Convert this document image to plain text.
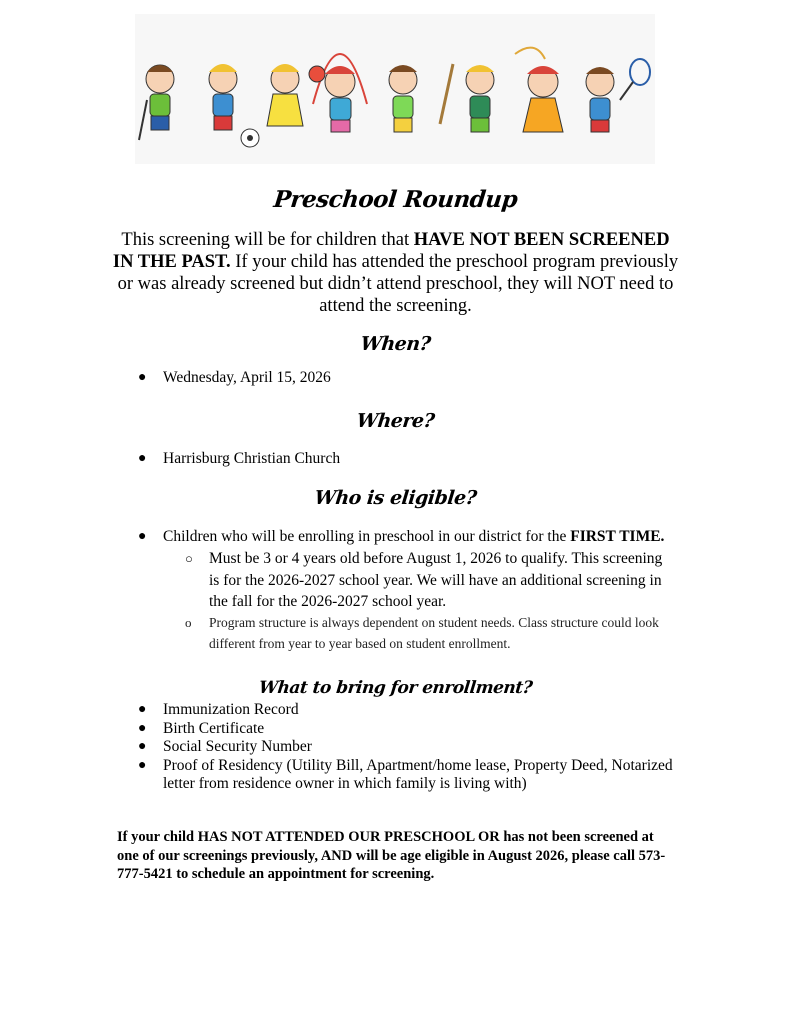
Preschool Roundup
This screening will be for children that HAVE NOT BEEN SCREENED IN THE PAST. If your child has attended the preschool program previously or was already screened but didn’t attend preschool, they will NOT need to attend the screening.
When?
● Wednesday, April 15, 2026
Where?
● Harrisburg Christian Church
Who is eligible?
● Children who will be enrolling in preschool in our district for the FIRST TIME.
○ Must be 3 or 4 years old before August 1, 2026 to qualify. This screening is for the 2026-2027 school year. We will have an additional screening in the fall for the 2026-2027 school year.
o Program structure is always dependent on student needs. Class structure could look different from year to year based on student enrollment.
What to bring for enrollment?
● Immunization Record
● Birth Certificate
● Social Security Number
● Proof of Residency (Utility Bill, Apartment/home lease, Property Deed, Notarized letter from residence owner in which family is living with)
If your child HAS NOT ATTENDED OUR PRESCHOOL OR has not been screened at one of our screenings previously, AND will be age eligible in August 2026, please call 573-777-5421 to schedule an appointment for screening.
